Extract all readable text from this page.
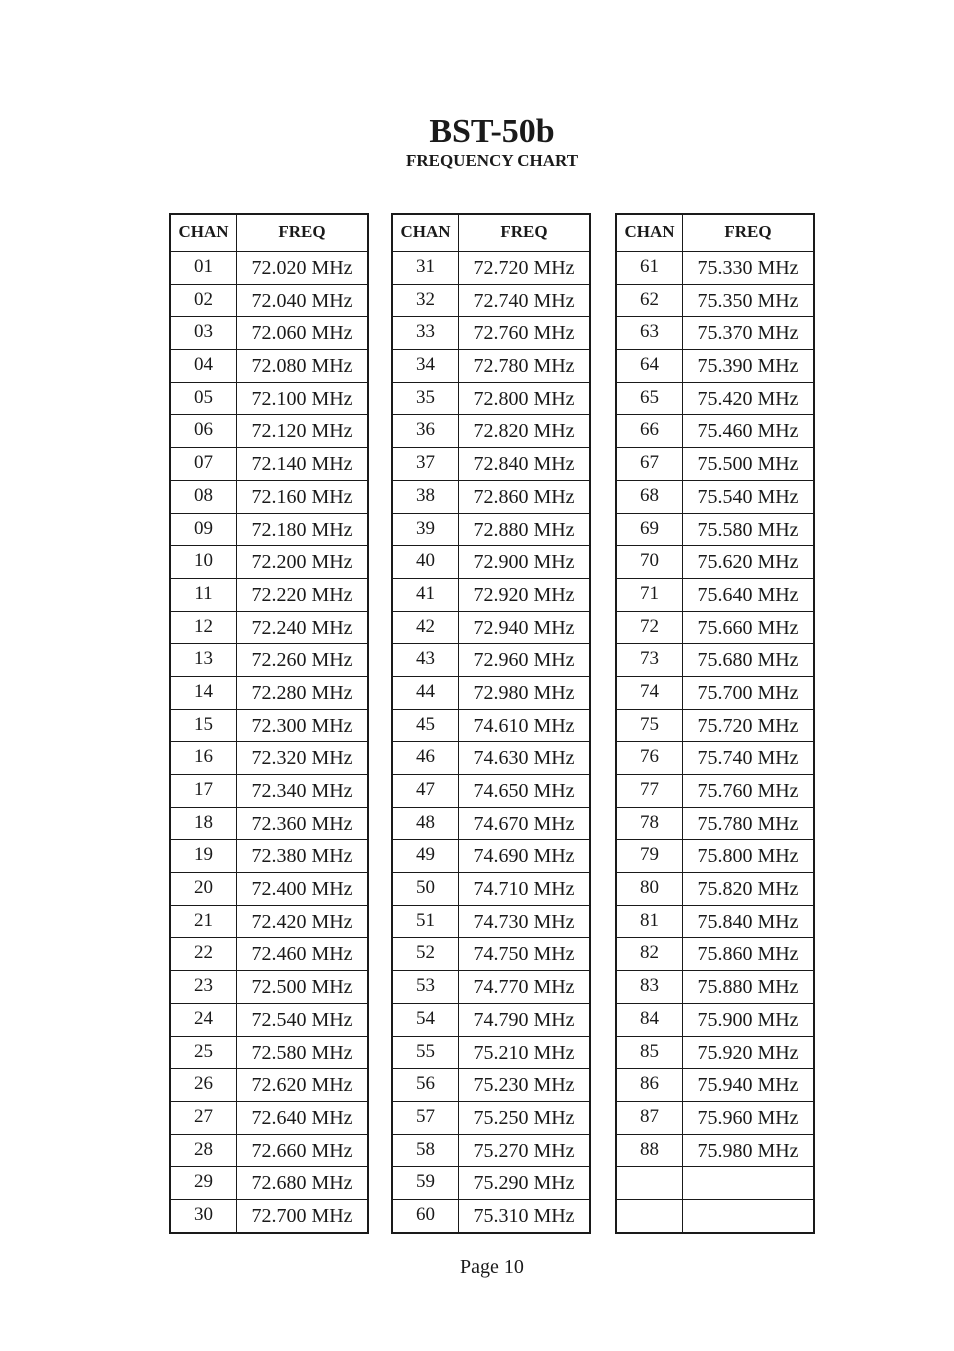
BST-50b
FREQUENCY CHART
CHAN	FREQ
01	72.020 MHz
02	72.040 MHz
03	72.060 MHz
04	72.080 MHz
05	72.100 MHz
06	72.120 MHz
07	72.140 MHz
08	72.160 MHz
09	72.180 MHz
10	72.200 MHz
11	72.220 MHz
12	72.240 MHz
13	72.260 MHz
14	72.280 MHz
15	72.300 MHz
16	72.320 MHz
17	72.340 MHz
18	72.360 MHz
19	72.380 MHz
20	72.400 MHz
21	72.420 MHz
22	72.460 MHz
23	72.500 MHz
24	72.540 MHz
25	72.580 MHz
26	72.620 MHz
27	72.640 MHz
28	72.660 MHz
29	72.680 MHz
30	72.700 MHz
CHAN	FREQ
31	72.720 MHz
32	72.740 MHz
33	72.760 MHz
34	72.780 MHz
35	72.800 MHz
36	72.820 MHz
37	72.840 MHz
38	72.860 MHz
39	72.880 MHz
40	72.900 MHz
41	72.920 MHz
42	72.940 MHz
43	72.960 MHz
44	72.980 MHz
45	74.610 MHz
46	74.630 MHz
47	74.650 MHz
48	74.670 MHz
49	74.690 MHz
50	74.710 MHz
51	74.730 MHz
52	74.750 MHz
53	74.770 MHz
54	74.790 MHz
55	75.210 MHz
56	75.230 MHz
57	75.250 MHz
58	75.270 MHz
59	75.290 MHz
60	75.310 MHz
CHAN	FREQ
61	75.330 MHz
62	75.350 MHz
63	75.370 MHz
64	75.390 MHz
65	75.420 MHz
66	75.460 MHz
67	75.500 MHz
68	75.540 MHz
69	75.580 MHz
70	75.620 MHz
71	75.640 MHz
72	75.660 MHz
73	75.680 MHz
74	75.700 MHz
75	75.720 MHz
76	75.740 MHz
77	75.760 MHz
78	75.780 MHz
79	75.800 MHz
80	75.820 MHz
81	75.840 MHz
82	75.860 MHz
83	75.880 MHz
84	75.900 MHz
85	75.920 MHz
86	75.940 MHz
87	75.960 MHz
88	75.980 MHz
Page 10
